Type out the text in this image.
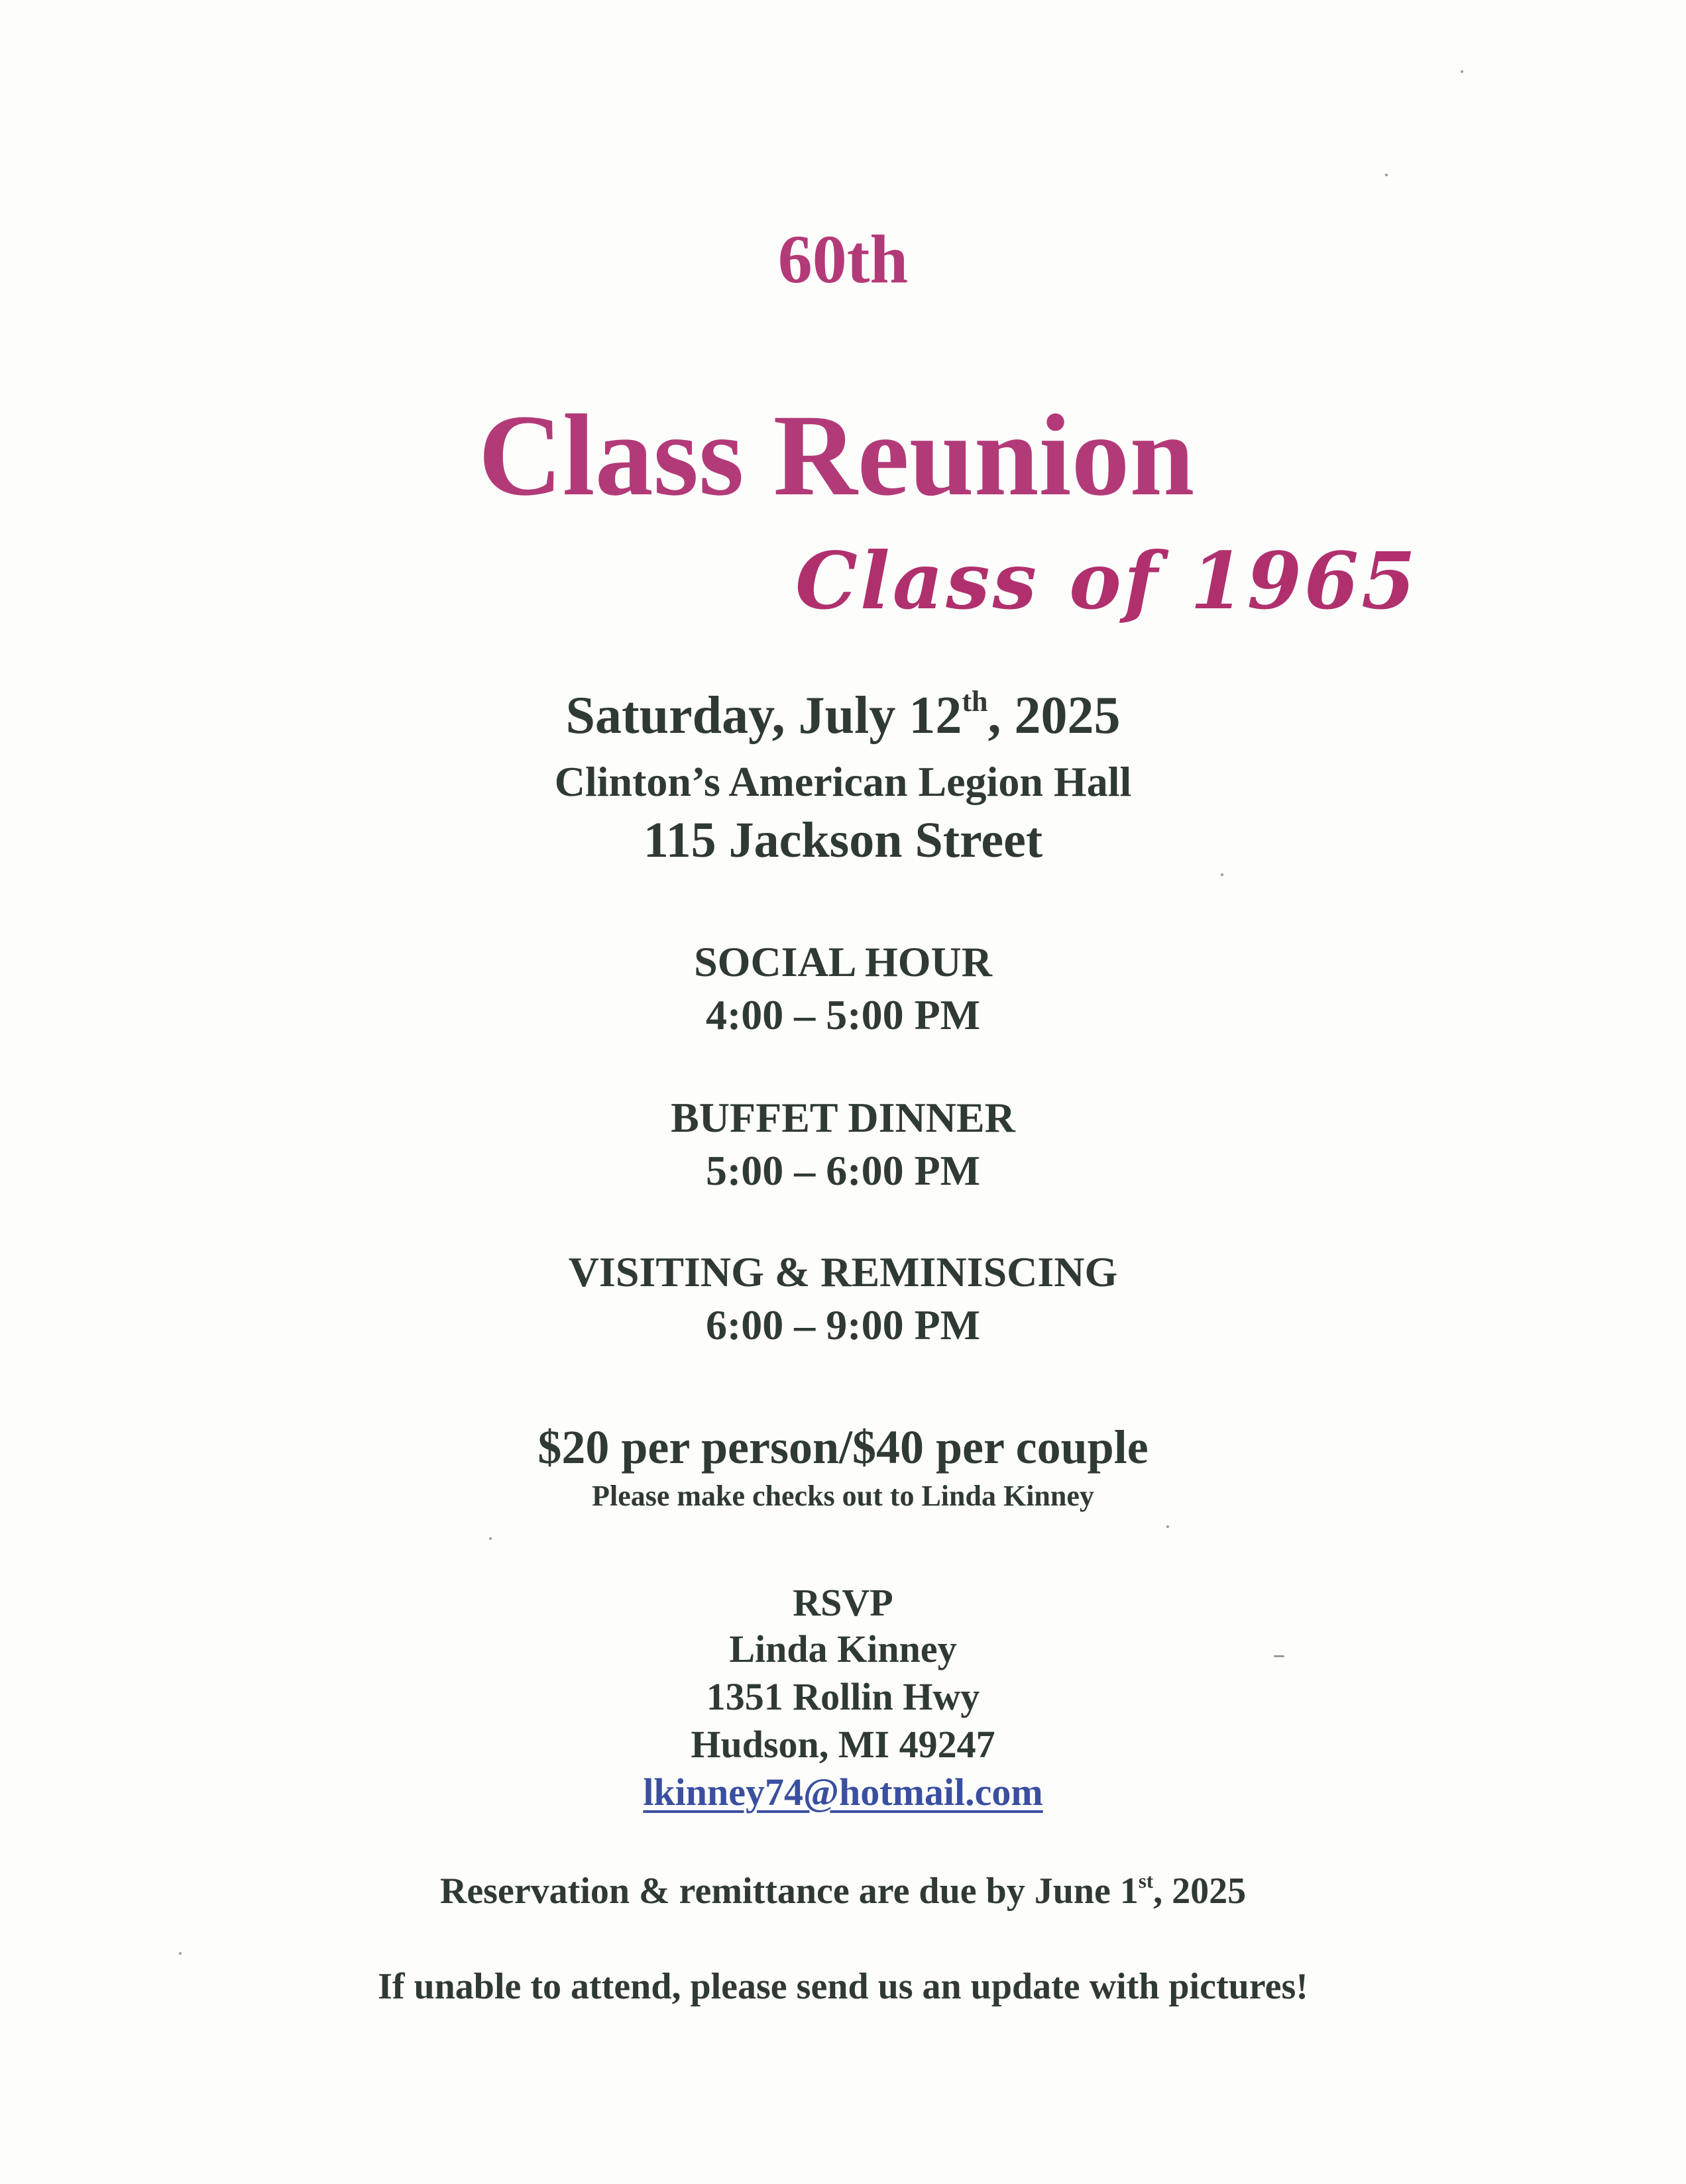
60th
Class Reunion
Class of 1965
Saturday, July 12th, 2025
Clinton’s American Legion Hall
115 Jackson Street
SOCIAL HOUR
4:00 – 5:00 PM
BUFFET DINNER
5:00 – 6:00 PM
VISITING & REMINISCING
6:00 – 9:00 PM
$20 per person/$40 per couple
Please make checks out to Linda Kinney
RSVP
Linda Kinney
1351 Rollin Hwy
Hudson, MI 49247
lkinney74@hotmail.com
Reservation & remittance are due by June 1st, 2025
If unable to attend, please send us an update with pictures!
